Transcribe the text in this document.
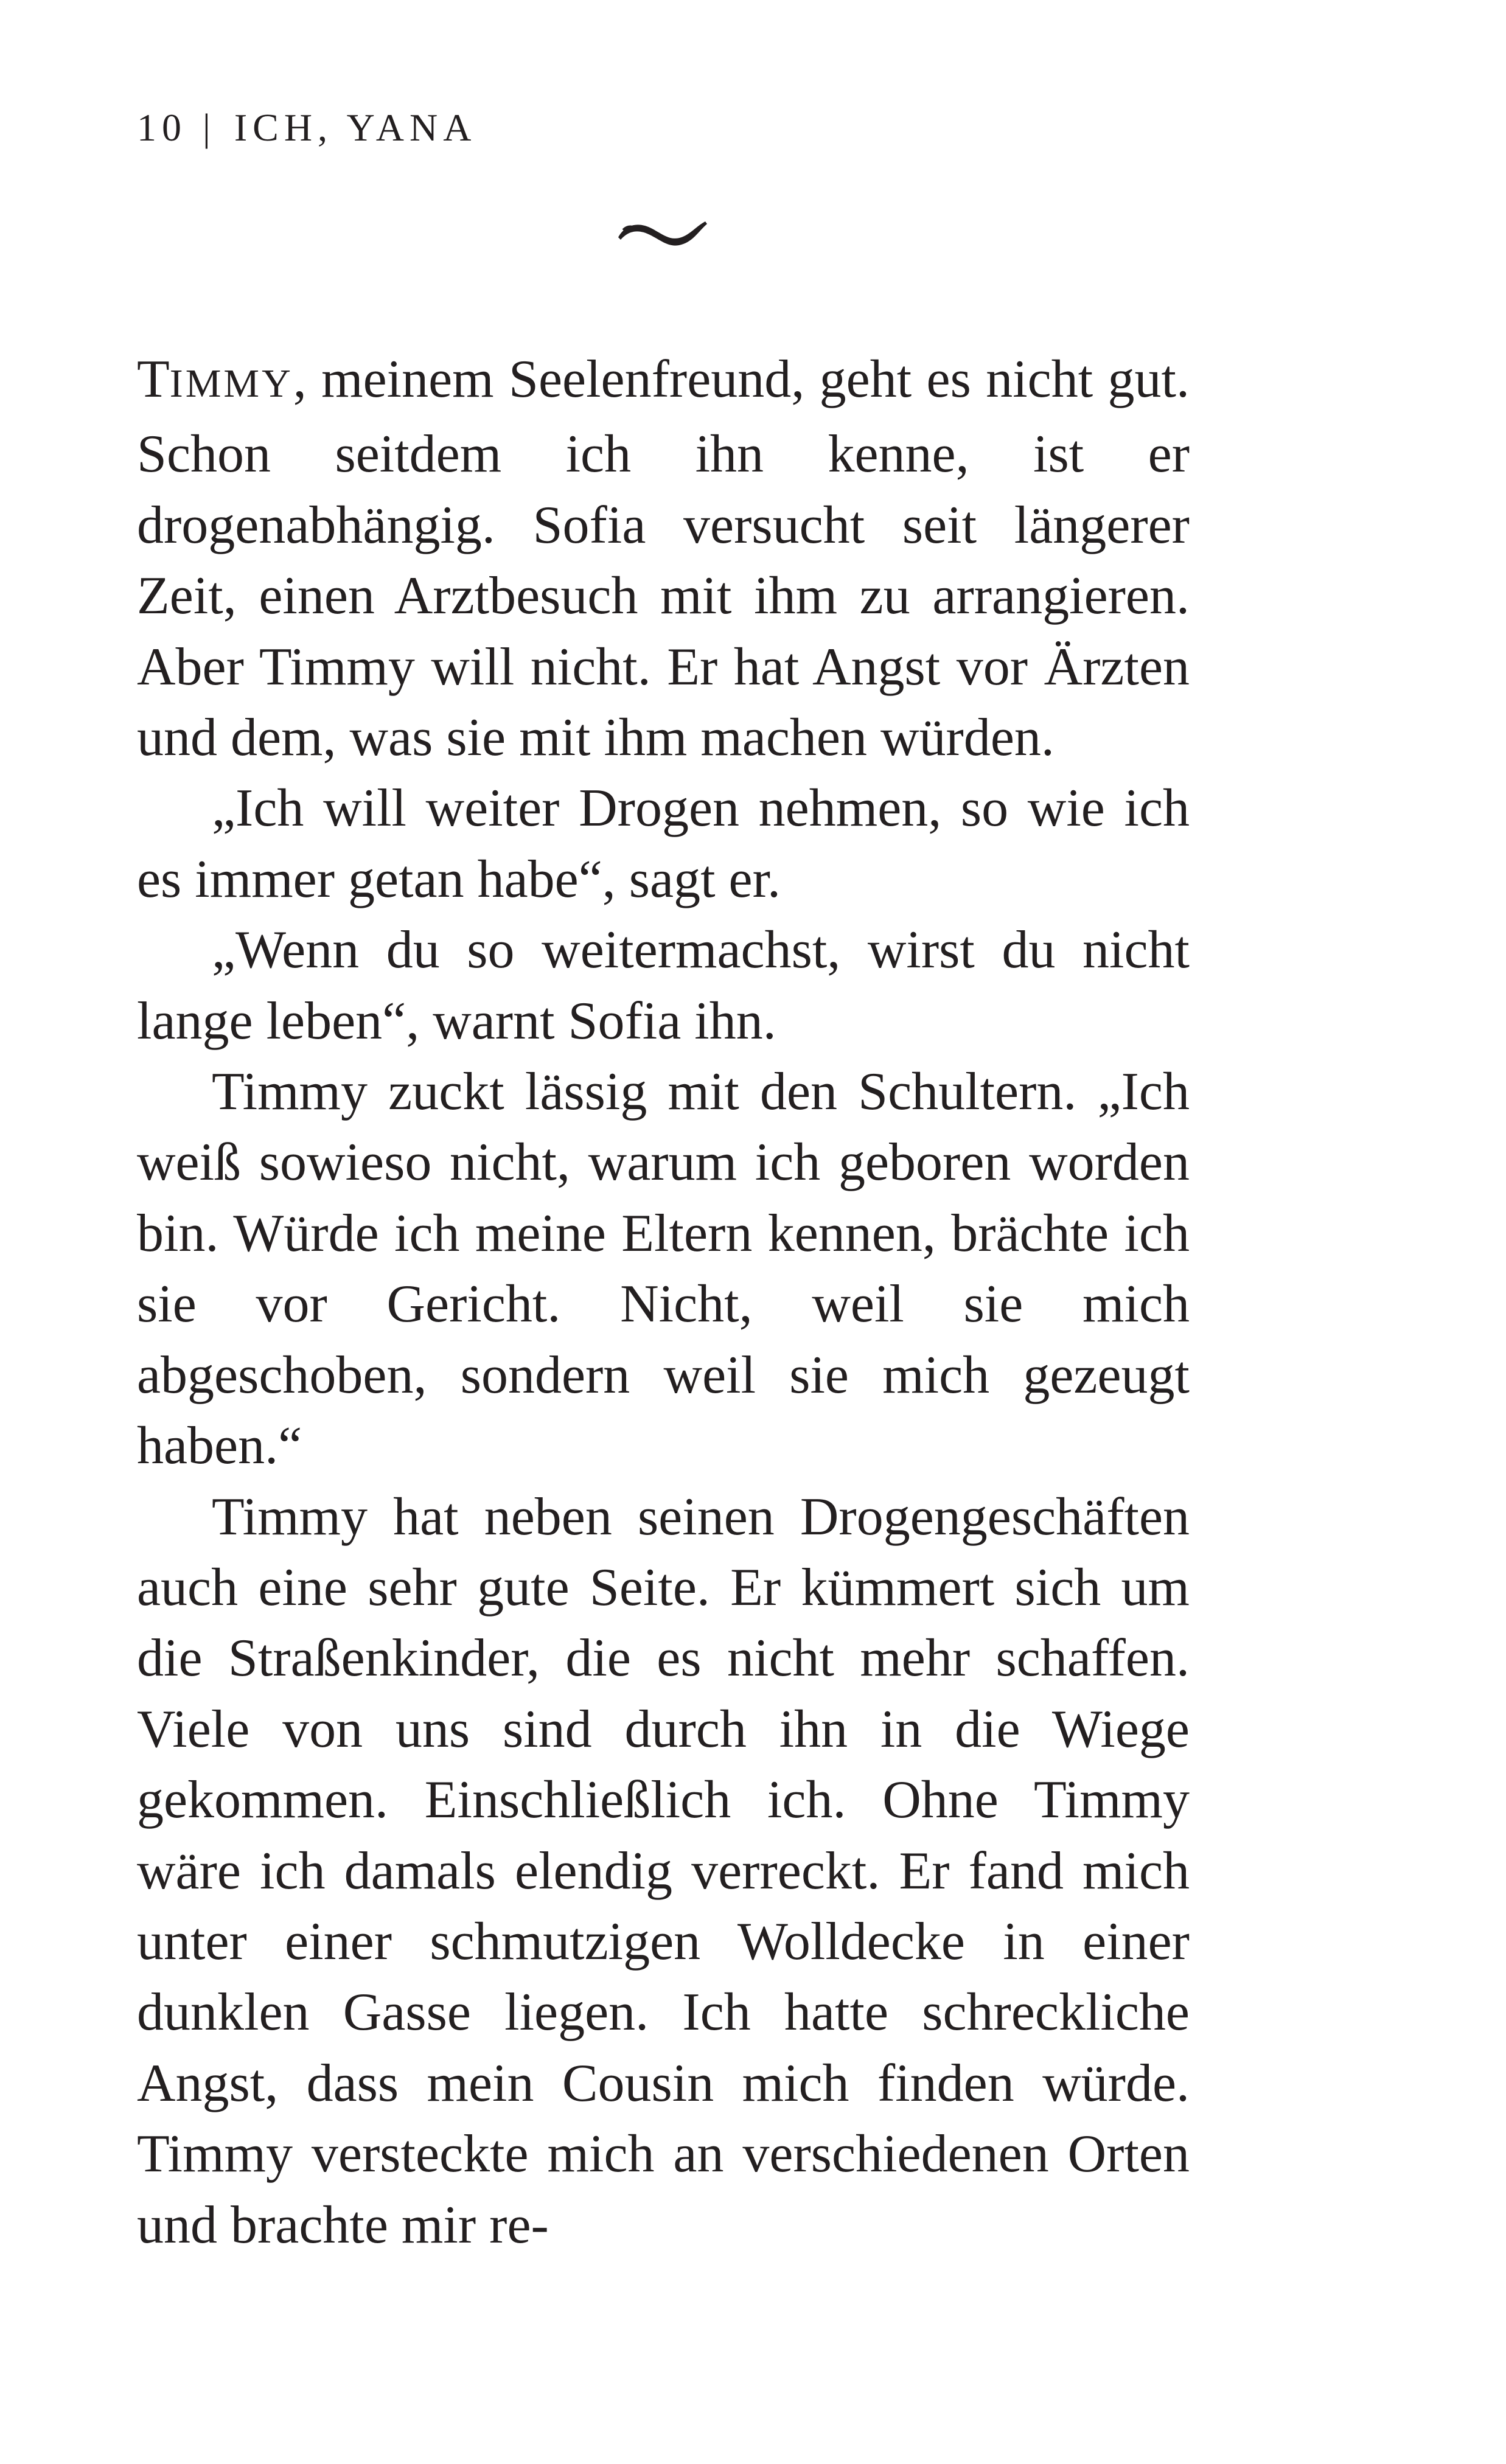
10 | ICH, YANA

TIMMY, meinem Seelenfreund, geht es nicht gut. Schon seitdem ich ihn kenne, ist er drogenabhängig. Sofia versucht seit längerer Zeit, einen Arztbesuch mit ihm zu arrangieren. Aber Timmy will nicht. Er hat Angst vor Ärzten und dem, was sie mit ihm machen würden.

„Ich will weiter Drogen nehmen, so wie ich es immer getan habe“, sagt er.

„Wenn du so weitermachst, wirst du nicht lange leben“, warnt Sofia ihn.

Timmy zuckt lässig mit den Schultern. „Ich weiß sowieso nicht, warum ich geboren worden bin. Würde ich meine Eltern kennen, brächte ich sie vor Gericht. Nicht, weil sie mich abgeschoben, sondern weil sie mich gezeugt haben.“

Timmy hat neben seinen Drogengeschäften auch eine sehr gute Seite. Er kümmert sich um die Straßenkinder, die es nicht mehr schaffen. Viele von uns sind durch ihn in die Wiege gekommen. Einschließlich ich. Ohne Timmy wäre ich damals elendig verreckt. Er fand mich unter einer schmutzigen Wolldecke in einer dunklen Gasse liegen. Ich hatte schreckliche Angst, dass mein Cousin mich finden würde. Timmy versteckte mich an verschiedenen Orten und brachte mir re-
